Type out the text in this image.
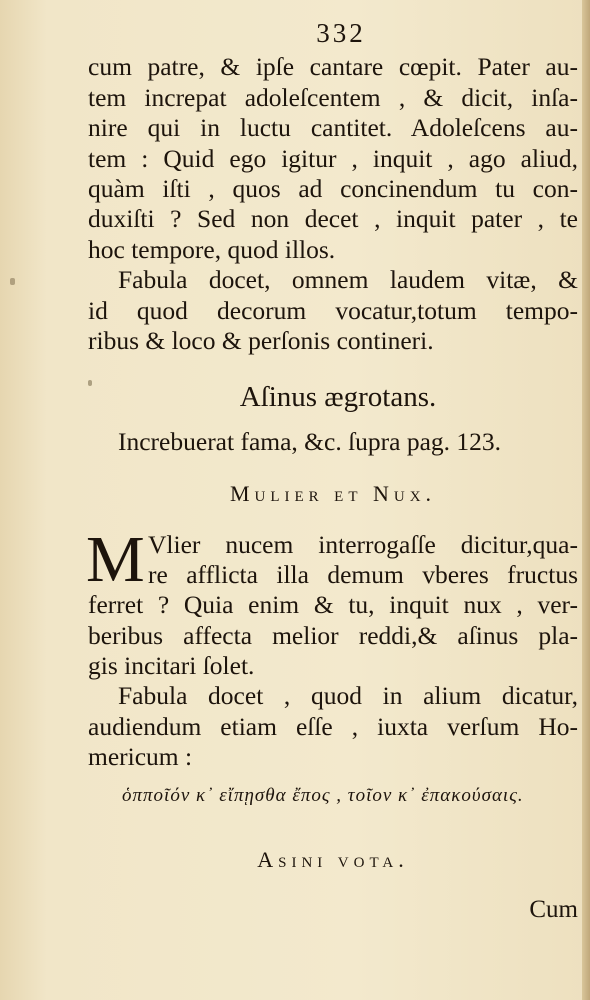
332
cum patre, & ipſe cantare cœpit. Pater au-
tem increpat adoleſcentem , & dicit, inſa-
nire qui in luctu cantitet. Adoleſcens au-
tem : Quid ego igitur , inquit , ago aliud,
quàm iſti , quos ad concinendum tu con-
duxiſti ? Sed non decet , inquit pater , te
hoc tempore, quod illos.
Fabula docet, omnem laudem vitæ, &
id quod decorum vocatur,totum tempo-
ribus & loco & perſonis contineri.
Aſinus ægrotans.
Increbuerat fama, &c. ſupra pag. 123.
Mulier et Nux.
M Vlier nucem interrogaſſe dicitur,qua-
re afflicta illa demum vberes fructus
ferret ? Quia enim & tu, inquit nux , ver-
beribus affecta melior reddi,& aſinus pla-
gis incitari ſolet.
Fabula docet , quod in alium dicatur,
audiendum etiam eſſe , iuxta verſum Ho-
mericum :
ὁπποῖόν κ᾽ εἴπῃσθα ἔπος , τοῖον κ᾽ ἐπακούσαις.
Asini vota.
Cum
